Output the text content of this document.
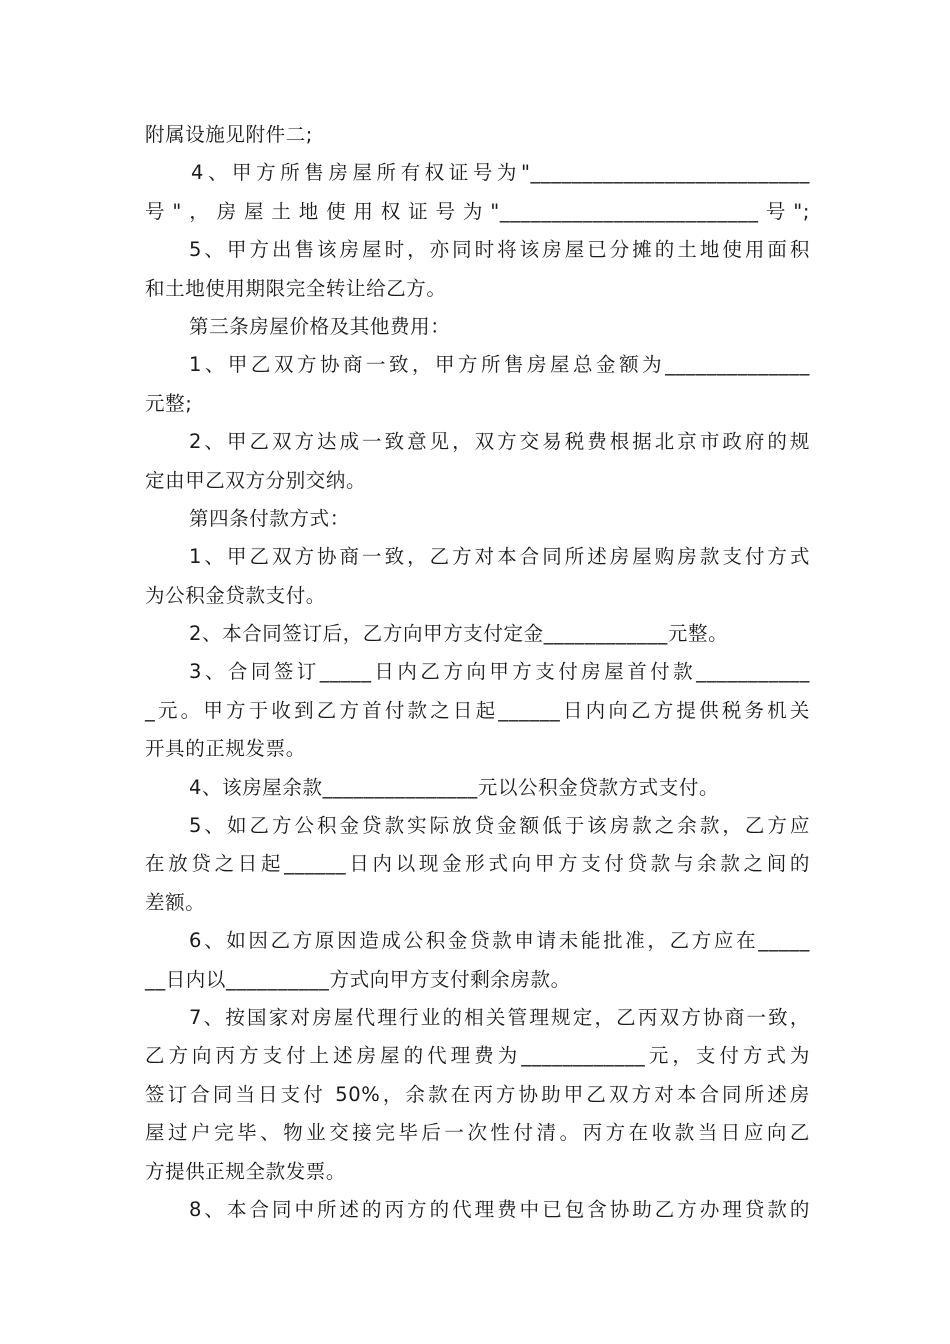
附属设施见附件二;
4、甲方所售房屋所有权证号为"___________________________
号"，房屋土地使用权证号为"_________________________号";
5、甲方出售该房屋时，亦同时将该房屋已分摊的土地使用面积
和土地使用期限完全转让给乙方。
第三条房屋价格及其他费用：
1、甲乙双方协商一致，甲方所售房屋总金额为______________
元整;
2、甲乙双方达成一致意见，双方交易税费根据北京市政府的规
定由甲乙双方分别交纳。
第四条付款方式：
1、甲乙双方协商一致，乙方对本合同所述房屋购房款支付方式
为公积金贷款支付。
2、本合同签订后，乙方向甲方支付定金____________元整。
3、合同签订_____日内乙方向甲方支付房屋首付款___________
_元。甲方于收到乙方首付款之日起______日内向乙方提供税务机关
开具的正规发票。
4、该房屋余款_______________元以公积金贷款方式支付。
5、如乙方公积金贷款实际放贷金额低于该房款之余款，乙方应
在放贷之日起______日内以现金形式向甲方支付贷款与余款之间的
差额。
6、如因乙方原因造成公积金贷款申请未能批准，乙方应在_____
__日内以__________方式向甲方支付剩余房款。
7、按国家对房屋代理行业的相关管理规定，乙丙双方协商一致，
乙方向丙方支付上述房屋的代理费为____________元，支付方式为
签订合同当日支付 50%，余款在丙方协助甲乙双方对本合同所述房
屋过户完毕、物业交接完毕后一次性付清。丙方在收款当日应向乙
方提供正规全款发票。
8、本合同中所述的丙方的代理费中已包含协助乙方办理贷款的
